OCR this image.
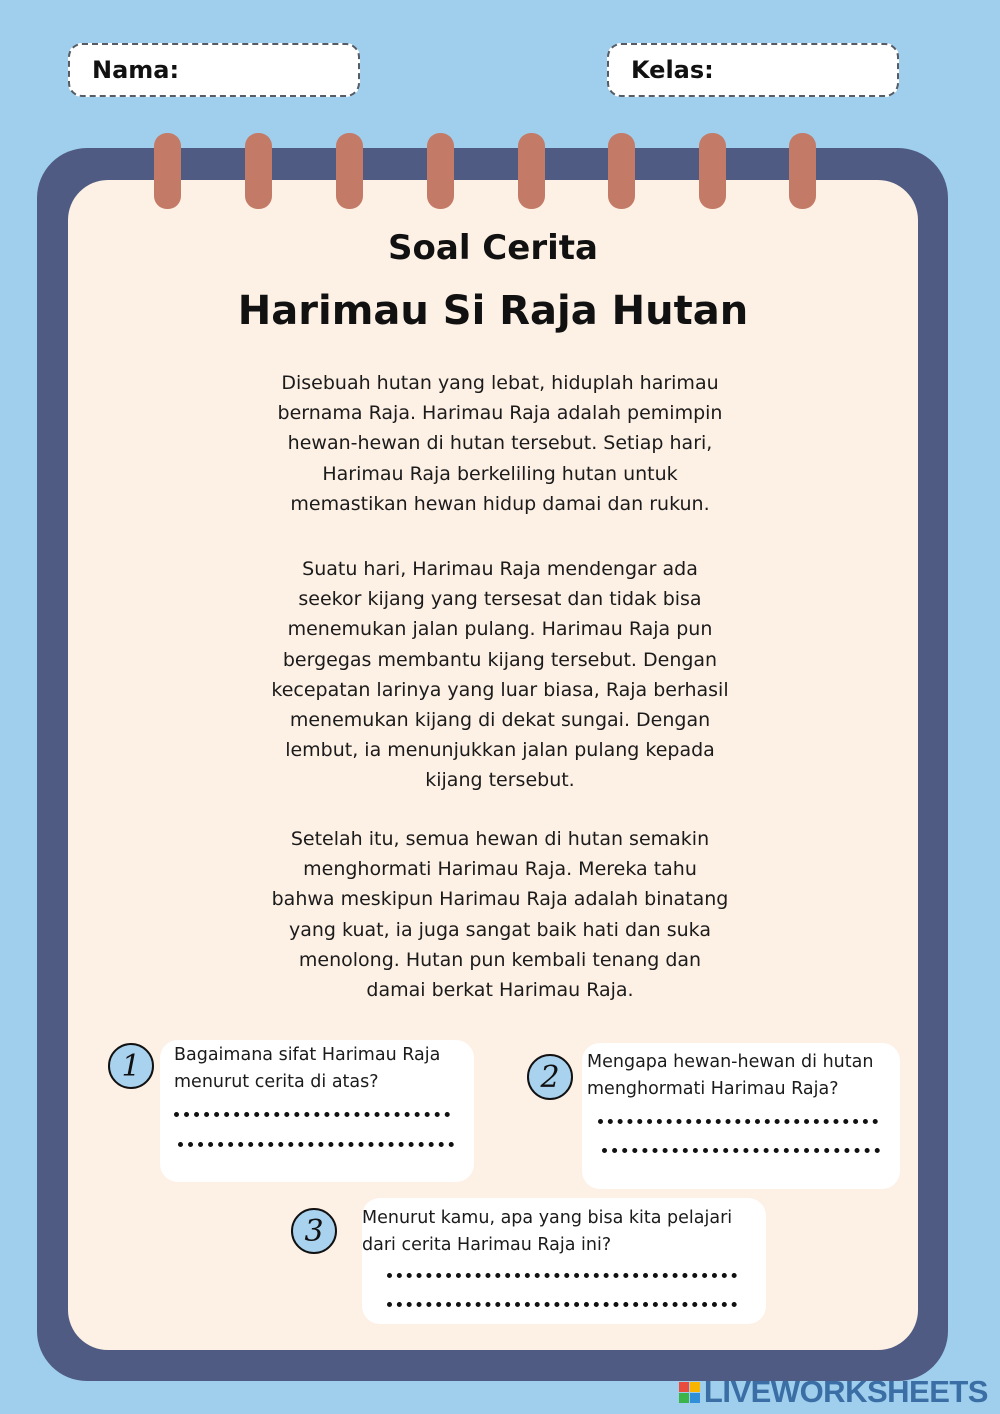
Nama:	Kelas:
Soal Cerita
Harimau Si Raja Hutan

Disebuah hutan yang lebat, hiduplah harimau
bernama Raja. Harimau Raja adalah pemimpin
hewan-hewan di hutan tersebut. Setiap hari,
Harimau Raja berkeliling hutan untuk
memastikan hewan hidup damai dan rukun.

Suatu hari, Harimau Raja mendengar ada
seekor kijang yang tersesat dan tidak bisa
menemukan jalan pulang. Harimau Raja pun
bergegas membantu kijang tersebut. Dengan
kecepatan larinya yang luar biasa, Raja berhasil
menemukan kijang di dekat sungai. Dengan
lembut, ia menunjukkan jalan pulang kepada
kijang tersebut.

Setelah itu, semua hewan di hutan semakin
menghormati Harimau Raja. Mereka tahu
bahwa meskipun Harimau Raja adalah binatang
yang kuat, ia juga sangat baik hati dan suka
menolong. Hutan pun kembali tenang dan
damai berkat Harimau Raja.

1	Bagaimana sifat Harimau Raja
menurut cerita di atas?	2	Mengapa hewan-hewan di hutan
menghormati Harimau Raja?
3	Menurut kamu, apa yang bisa kita pelajari
dari cerita Harimau Raja ini?
LIVEWORKSHEETS
